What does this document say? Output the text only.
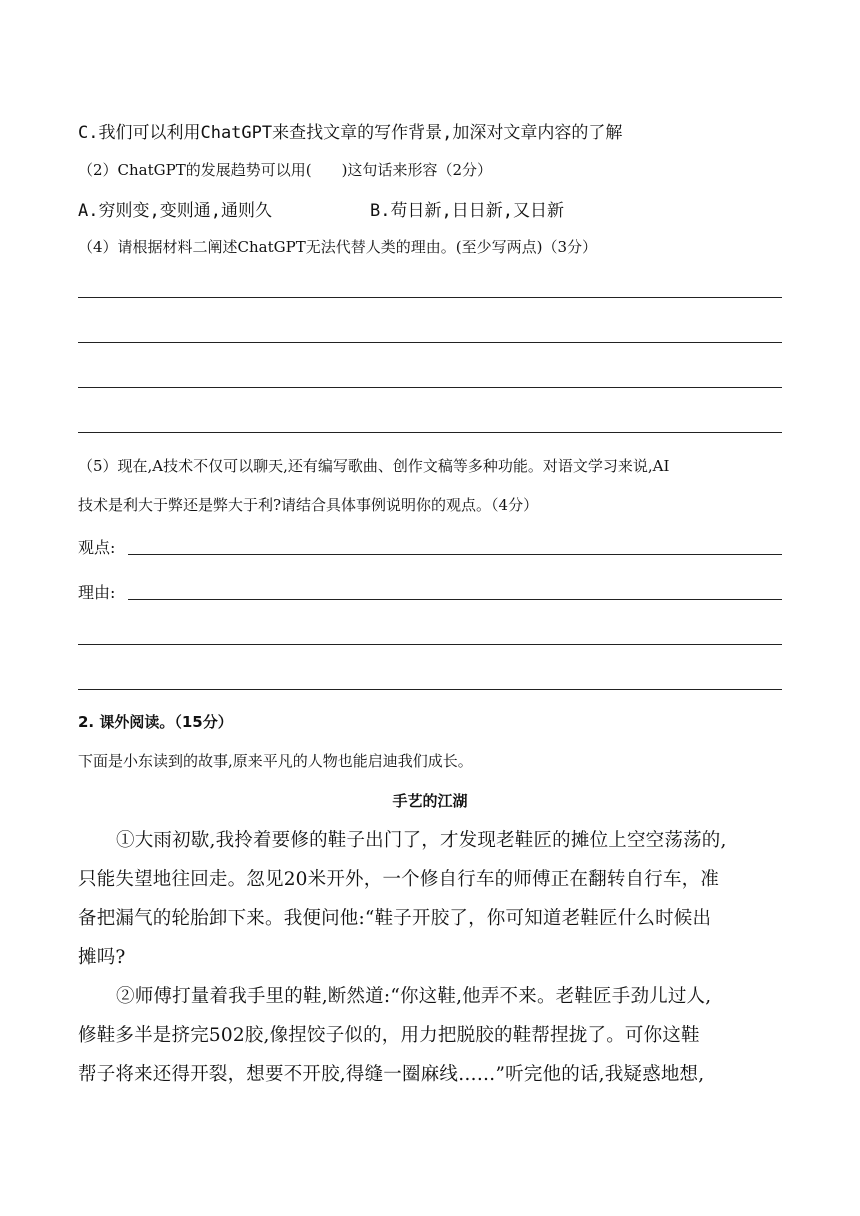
C.我们可以利用ChatGPT来查找文章的写作背景,加深对文章内容的了解
（2）ChatGPT的发展趋势可以用(　　)这句话来形容（2分）
A.穷则变,变则通,通则久	B.苟日新,日日新,又日新
（4）请根据材料二阐述ChatGPT无法代替人类的理由。(至少写两点)（3分）
（5）现在,A技术不仅可以聊天,还有编写歌曲、创作文稿等多种功能。对语文学习来说,AI
技术是利大于弊还是弊大于利?请结合具体事例说明你的观点。（4分）
观点:
理由:
2. 课外阅读。（15分）
下面是小东读到的故事,原来平凡的人物也能启迪我们成长。
手艺的江湖
①大雨初歇,我拎着要修的鞋子出门了，才发现老鞋匠的摊位上空空荡荡的,
只能失望地往回走。忽见20米开外，一个修自行车的师傅正在翻转自行车，准
备把漏气的轮胎卸下来。我便问他:“鞋子开胶了，你可知道老鞋匠什么时候出
摊吗?
②师傅打量着我手里的鞋,断然道:“你这鞋,他弄不来。老鞋匠手劲儿过人,
修鞋多半是挤完502胶,像捏饺子似的，用力把脱胶的鞋帮捏拢了。可你这鞋
帮子将来还得开裂，想要不开胶,得缝一圈麻线……”听完他的话,我疑惑地想,
